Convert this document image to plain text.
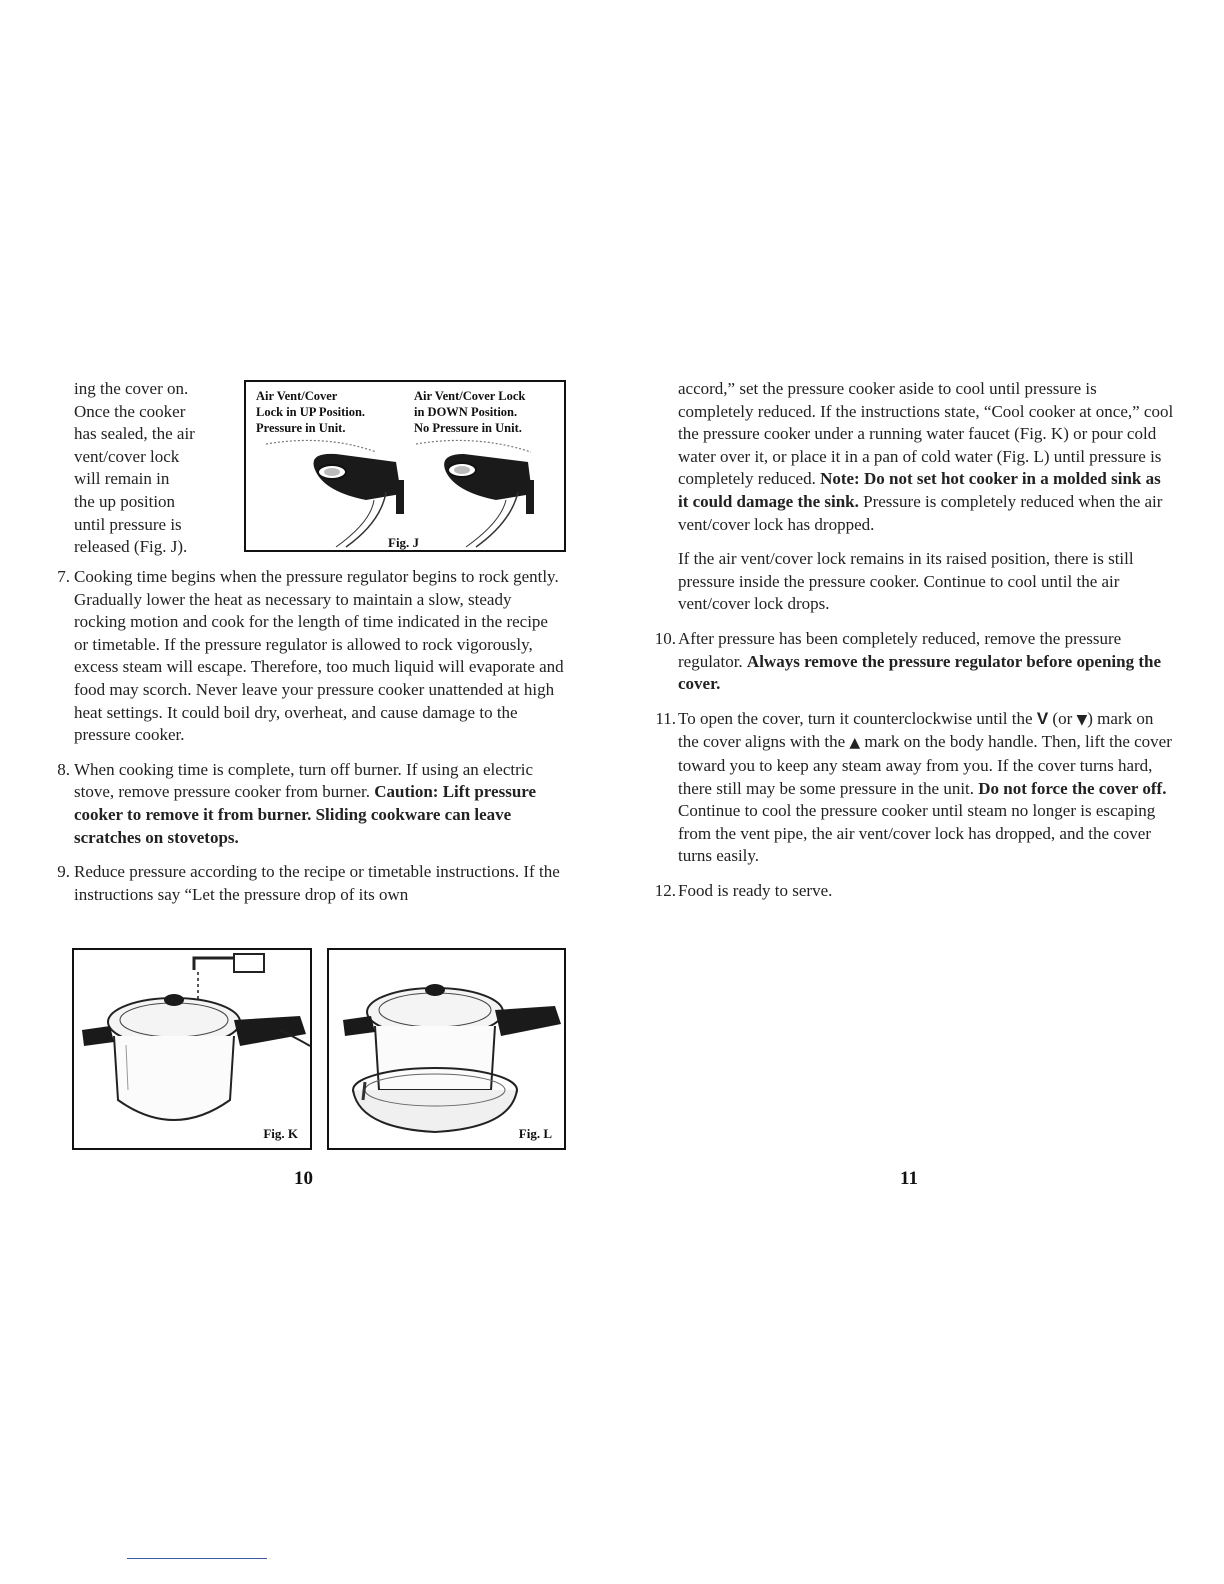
ing the cover on.
Once the cooker
has sealed, the air
vent/cover lock
will remain in
the up position
until pressure is
released (Fig. J).
Air Vent/Cover
Lock in UP Position.
Pressure in Unit.
Air Vent/Cover Lock
in DOWN Position.
No Pressure in Unit.
Fig. J
7. Cooking time begins when the pressure regulator begins to rock gently. Gradually lower the heat as necessary to maintain a slow, steady rocking motion and cook for the length of time indicated in the recipe or timetable. If the pressure regulator is allowed to rock vigorously, excess steam will escape. Therefore, too much liquid will evaporate and food may scorch. Never leave your pressure cooker unattended at high heat settings. It could boil dry, overheat, and cause damage to the pressure cooker.
8. When cooking time is complete, turn off burner. If using an electric stove, remove pressure cooker from burner. Caution: Lift pressure cooker to remove it from burner. Sliding cookware can leave scratches on stovetops.
9. Reduce pressure according to the recipe or timetable instructions. If the instructions say “Let the pressure drop of its own
Fig. K	Fig. L
10
accord,” set the pressure cooker aside to cool until pressure is completely reduced. If the instructions state, “Cool cooker at once,” cool the pressure cooker under a running water faucet (Fig. K) or pour cold water over it, or place it in a pan of cold water (Fig. L) until pressure is completely reduced. Note: Do not set hot cooker in a molded sink as it could damage the sink. Pressure is completely reduced when the air vent/cover lock has dropped.
If the air vent/cover lock remains in its raised position, there is still pressure inside the pressure cooker. Continue to cool until the air vent/cover lock drops.
10. After pressure has been completely reduced, remove the pressure regulator. Always remove the pressure regulator before opening the cover.
11. To open the cover, turn it counterclockwise until the V (or ▼) mark on the cover aligns with the ▲ mark on the body handle. Then, lift the cover toward you to keep any steam away from you. If the cover turns hard, there still may be some pressure in the unit. Do not force the cover off. Continue to cool the pressure cooker until steam no longer is escaping from the vent pipe, the air vent/cover lock has dropped, and the cover turns easily.
12. Food is ready to serve.
11
